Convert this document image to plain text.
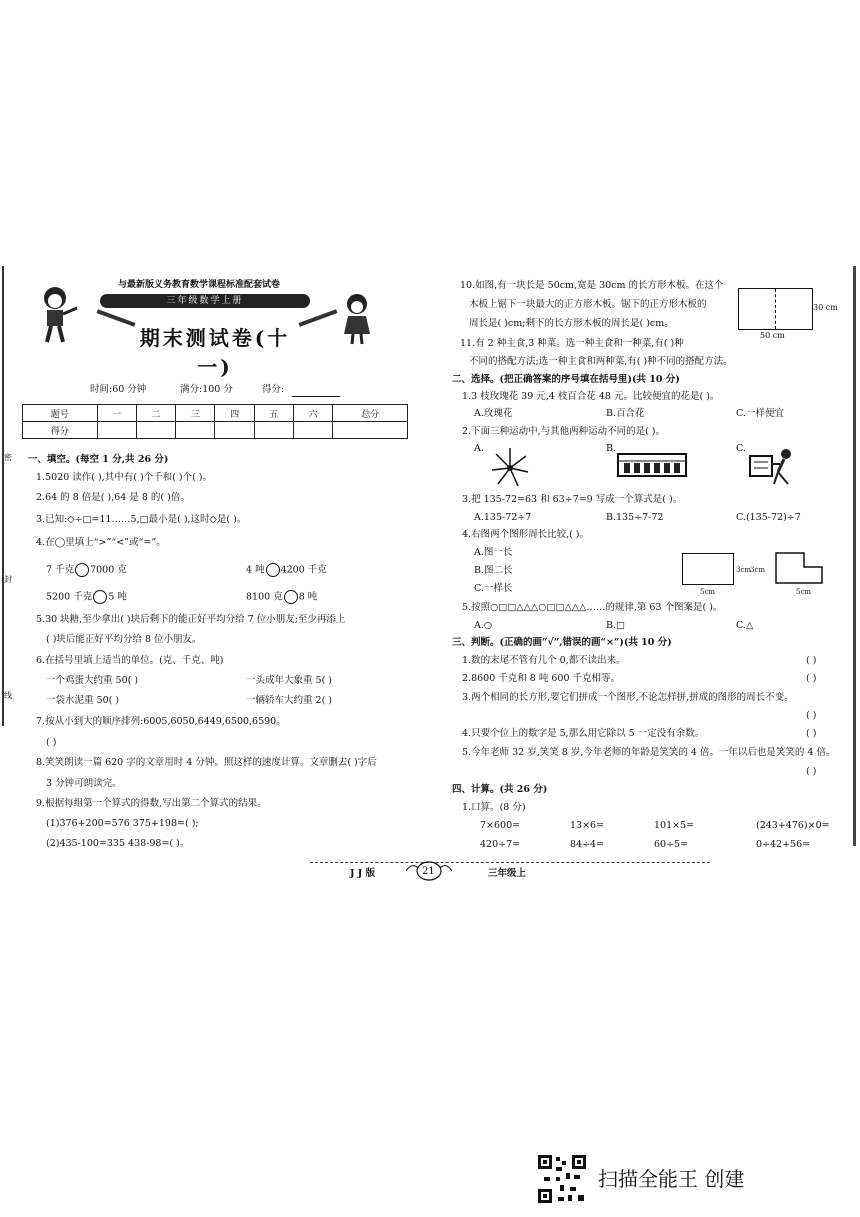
与最新版义务教育数学课程标准配套试卷
三年级数学上册
期末测试卷(十一)
时间:60 分钟	满分:100 分	得分:
题号	一	二	三	四	五	六	总分
得分							
密
封
线
一、填空。(每空 1 分,共 26 分)
1.5020 读作( ),其中有( )个千和( )个( )。
2.64 的 8 倍是( ),64 是 8 的( )倍。
3.已知:◇÷□=11……5,□最小是( ),这时◇是( )。
4.在◯里填上“>”“<”或“=”。
7 千克 7000 克	4 吨 4200 千克
5200 千克 5 吨	8100 克 8 吨
5.30 块糖,至少拿出( )块后剩下的能正好平均分给 7 位小朋友;至少再添上
( )块后能正好平均分给 8 位小朋友。
6.在括号里填上适当的单位。(克、千克、吨)
一个鸡蛋大约重 50( )	一头成年大象重 5( )
一袋水泥重 50( )	一辆轿车大约重 2( )
7.按从小到大的顺序排列:6005,6050,6449,6500,6590。
( )
8.笑笑朗读一篇 620 字的文章用时 4 分钟。照这样的速度计算。文章删去( )字后
3 分钟可朗读完。
9.根据每组第一个算式的得数,写出第二个算式的结果。
(1)376+200=576 375+198=( );
(2)435-100=335 438-98=( )。
10.如图,有一块长是 50cm,宽是 30cm 的长方形木板。在这个
木板上锯下一块最大的正方形木板。锯下的正方形木板的
周长是( )cm;剩下的长方形木板的周长是( )cm。
30 cm
50 cm
11.有 2 种主食,3 种菜。选一种主食和一种菜,有( )种
不同的搭配方法;选一种主食和两种菜,有( )种不同的搭配方法。
二、选择。(把正确答案的序号填在括号里)(共 10 分)
1.3 枝玫瑰花 39 元,4 枝百合花 48 元。比较便宜的花是( )。
A.玫瑰花	B.百合花	C.一样便宜
2.下面三种运动中,与其他两种运动不同的是( )。
A.	B.	C.
3.把 135-72=63 和 63÷7=9 写成一个算式是( )。
A.135-72÷7	B.135÷7-72	C.(135-72)÷7
4.右图两个图形周长比较,( )。
A.图一长
B.图二长
C.一样长
3cm
5cm
3cm
5cm
5.按照○□□△△△○□□△△△……的规律,第 63 个图案是( )。
A.○	B.□	C.△
三、判断。(正确的画“√”,错误的画“×”)(共 10 分)
1.数的末尾不管有几个 0,都不读出来。	( )
2.8600 千克和 8 吨 600 千克相等。	( )
3.两个相同的长方形,要它们拼成一个图形,不论怎样拼,拼成的图形的周长不变。
( )
4.只要个位上的数字是 5,那么用它除以 5 一定没有余数。	( )
5.今年老师 32 岁,笑笑 8 岁,今年老师的年龄是笑笑的 4 倍。一年以后也是笑笑的 4 倍。
( )
四、计算。(共 26 分)
1.口算。(8 分)
7×600=	13×6=	101×5=	(243+476)×0=
420÷7=	84÷4=	60÷5=	0÷42+56=
J J 版	21	三年级上
扫描全能王 创建
